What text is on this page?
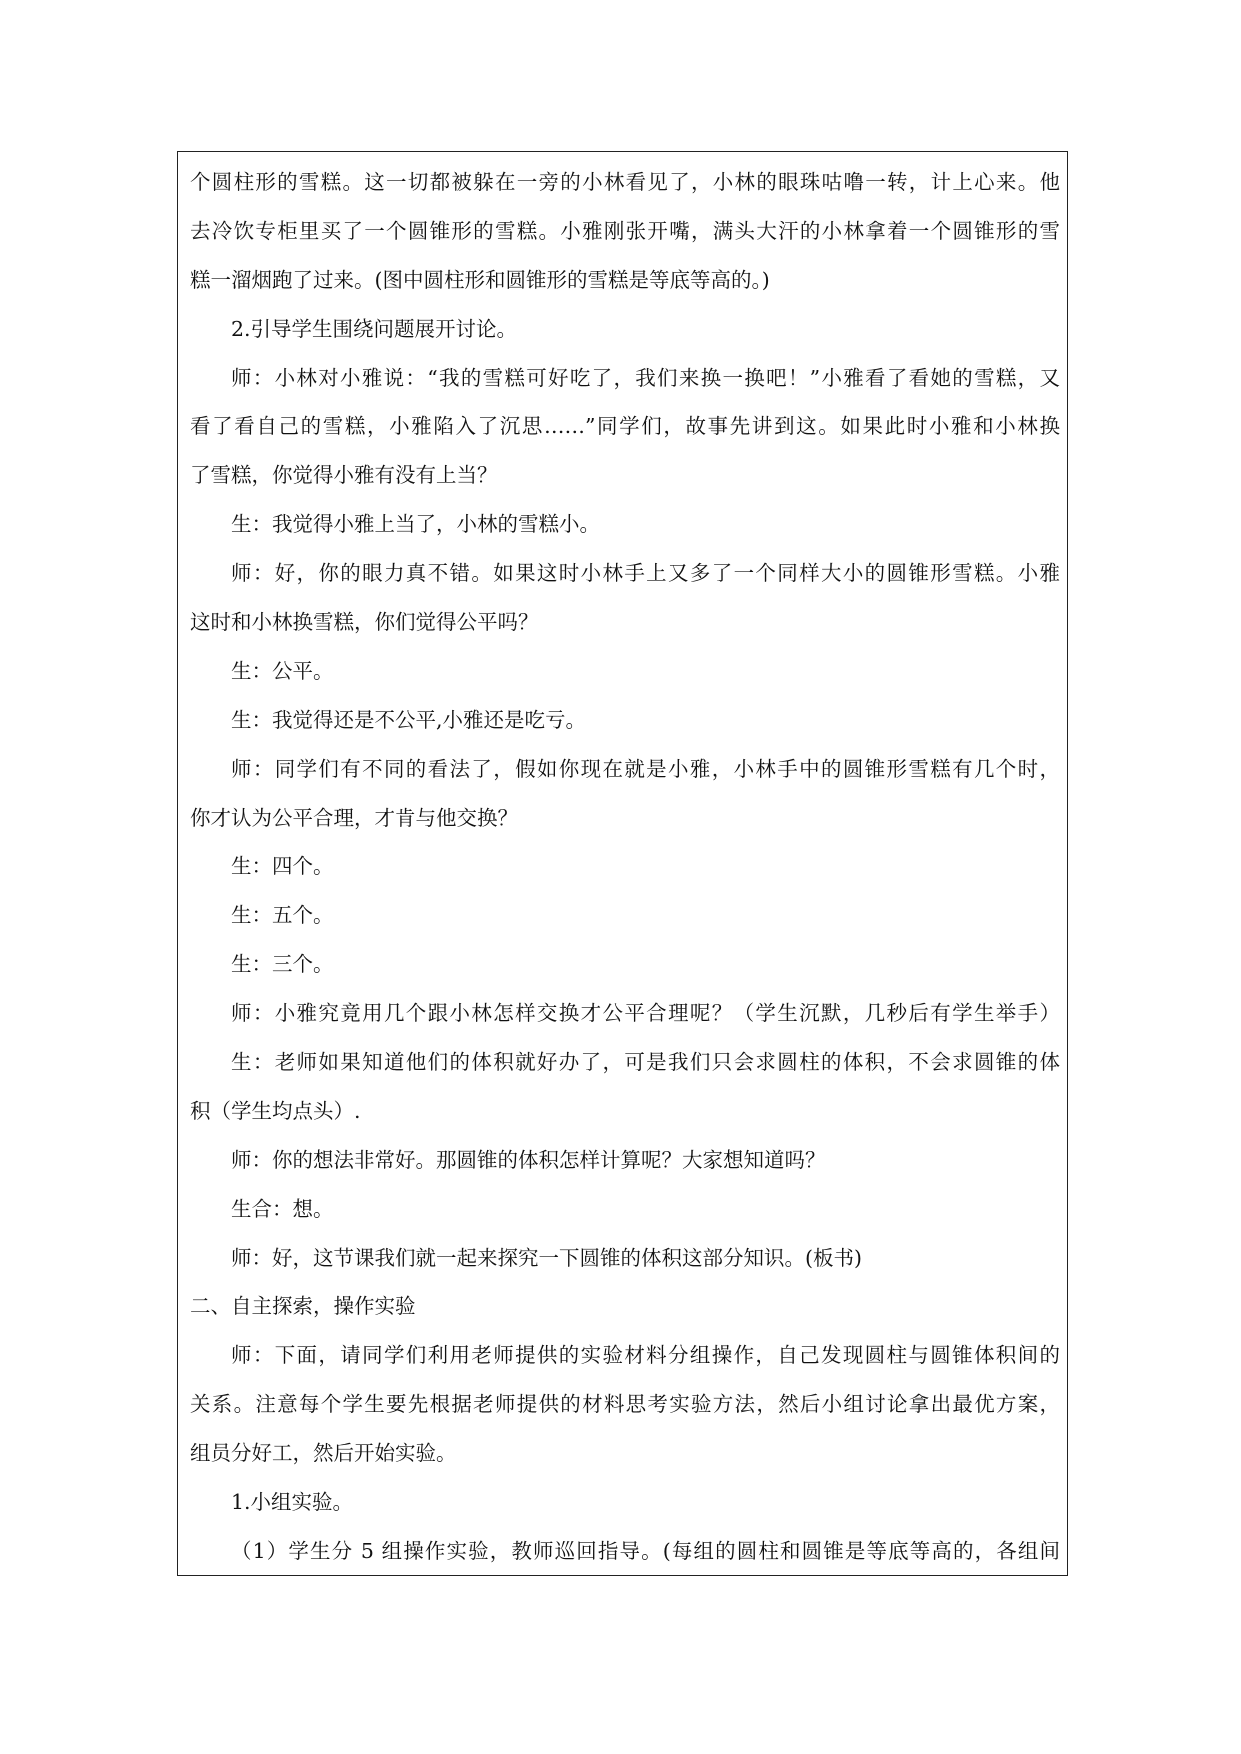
个圆柱形的雪糕。这一切都被躲在一旁的小林看见了，小林的眼珠咕噜一转，计上心来。他
去冷饮专柜里买了一个圆锥形的雪糕。小雅刚张开嘴，满头大汗的小林拿着一个圆锥形的雪
糕一溜烟跑了过来。(图中圆柱形和圆锥形的雪糕是等底等高的。)
2.引导学生围绕问题展开讨论。
师：小林对小雅说：“我的雪糕可好吃了，我们来换一换吧！”小雅看了看她的雪糕，又
看了看自己的雪糕，小雅陷入了沉思……”同学们，故事先讲到这。如果此时小雅和小林换
了雪糕，你觉得小雅有没有上当？
生：我觉得小雅上当了，小林的雪糕小。
师：好，你的眼力真不错。如果这时小林手上又多了一个同样大小的圆锥形雪糕。小雅
这时和小林换雪糕，你们觉得公平吗？
生：公平。
生：我觉得还是不公平,小雅还是吃亏。
师：同学们有不同的看法了，假如你现在就是小雅，小林手中的圆锥形雪糕有几个时，
你才认为公平合理，才肯与他交换？
生：四个。
生：五个。
生：三个。
师：小雅究竟用几个跟小林怎样交换才公平合理呢？（学生沉默，几秒后有学生举手）
生：老师如果知道他们的体积就好办了，可是我们只会求圆柱的体积，不会求圆锥的体
积（学生均点头）.
师：你的想法非常好。那圆锥的体积怎样计算呢？大家想知道吗？
生合：想。
师：好，这节课我们就一起来探究一下圆锥的体积这部分知识。(板书)
二、自主探索，操作实验
师：下面，请同学们利用老师提供的实验材料分组操作，自己发现圆柱与圆锥体积间的
关系。注意每个学生要先根据老师提供的材料思考实验方法，然后小组讨论拿出最优方案，
组员分好工，然后开始实验。
1.小组实验。
（1）学生分 5 组操作实验，教师巡回指导。(每组的圆柱和圆锥是等底等高的，各组间
